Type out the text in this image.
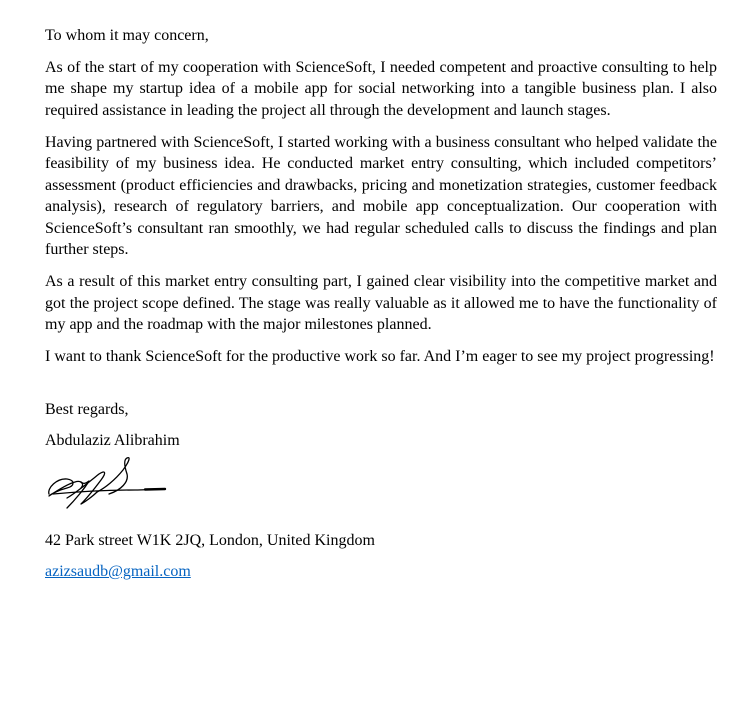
To whom it may concern,

As of the start of my cooperation with ScienceSoft, I needed competent and proactive consulting to help me shape my startup idea of a mobile app for social networking into a tangible business plan. I also required assistance in leading the project all through the development and launch stages.

Having partnered with ScienceSoft, I started working with a business consultant who helped validate the feasibility of my business idea. He conducted market entry consulting, which included competitors’ assessment (product efficiencies and drawbacks, pricing and monetization strategies, customer feedback analysis), research of regulatory barriers, and mobile app conceptualization. Our cooperation with ScienceSoft’s consultant ran smoothly, we had regular scheduled calls to discuss the findings and plan further steps.

As a result of this market entry consulting part, I gained clear visibility into the competitive market and got the project scope defined. The stage was really valuable as it allowed me to have the functionality of my app and the roadmap with the major milestones planned.

I want to thank ScienceSoft for the productive work so far. And I’m eager to see my project progressing!

Best regards,

Abdulaziz Alibrahim

42 Park street W1K 2JQ, London, United Kingdom

azizsaudb@gmail.com
